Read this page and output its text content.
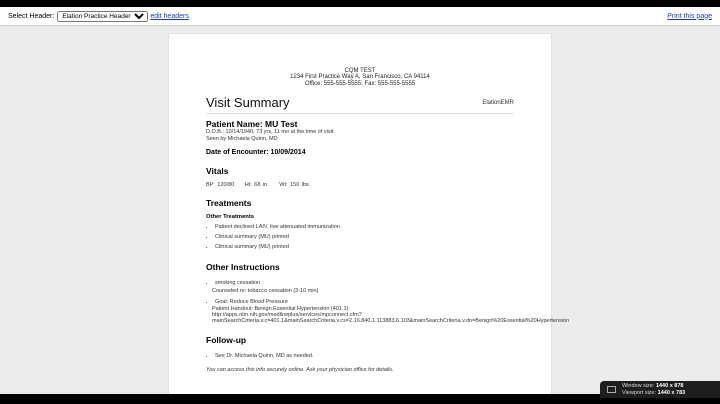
Select Header:
Elation Practice Header	edit headers	Print this page
CQM TEST
1234 First Practice Way A, San Francisco, CA 94114
Office: 555-555-5555; Fax: 555-555-5555
Visit Summary	ElationEMR
Patient Name: MU Test
D.O.B.: 10/14/1940; 73 yrs, 11 mo at the time of visit
Seen by Michaela Quinn, MD
Date of Encounter: 10/09/2014
Vitals
BP: 120/80 Ht: 68 in. Wt: 150 lbs.
Treatments
Other Treatments
• Patient declined LAIV, live attenuated immunization
• Clinical summary (MU) printed
• Clinical summary (MU) printed
Other Instructions
• smoking cessation
Counseled re: tobacco cessation (3-10 min)
• Goal: Reduce Blood Pressure
Patient Handout: Benign Essential Hypertension (401.1):
http://apps.nlm.nih.gov/medlineplus/services/mpconnect.cfm?
mainSearchCriteria.v.c=401.1&mainSearchCriteria.v.cs=2.16.840.1.113883.6.103&mainSearchCriteria.v.dn=Benign%20Essential%20Hypertension
Follow-up
• See Dr. Michaela Quinn, MD as needed.
You can access this info securely online. Ask your physician office for details.
Window size: 1440 x 878
Viewport size: 1440 x 783
